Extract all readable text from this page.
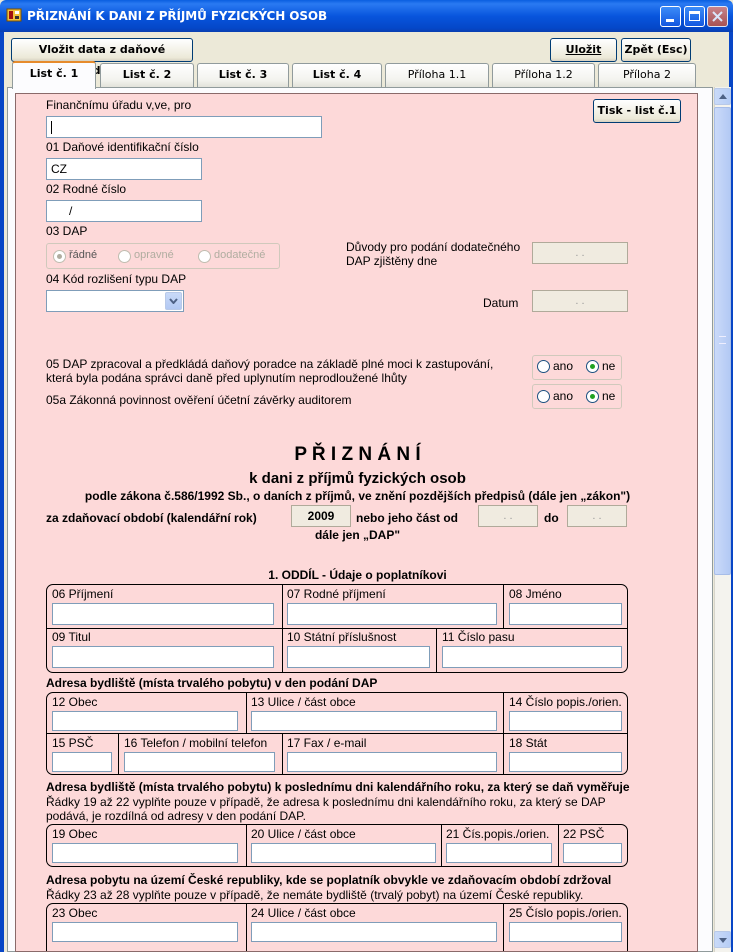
PŘIZNÁNÍ K DANI Z PŘÍJMŮ FYZICKÝCH OSOB
Vložit data z daňové	Uložit	Zpět (Esc)
List č. 1	List č. 2	List č. 3	List č. 4	Příloha 1.1	Příloha 1.2	Příloha 2
Tisk - list č.1
Finančnímu úřadu v,ve, pro
01 Daňové identifikační číslo
CZ
02 Rodné číslo
/
03 DAP
řádné	opravné	dodatečné
Důvody pro podání dodatečného
DAP zjištěny dne
. .
04 Kód rozlišení typu DAP
Datum	. .
05 DAP zpracoval a předkládá daňový poradce na základě plné moci k zastupování,
která byla podána správci daně před uplynutím neprodloužené lhůty
ano ne
05a Zákonná povinnost ověření účetní závěrky auditorem	ano ne
P Ř I Z N Á N Í
k dani z příjmů fyzických osob
podle zákona č.586/1992 Sb., o daních z příjmů, ve znění pozdějších předpisů (dále jen „zákon")
za zdaňovací období (kalendářní rok)	2009	nebo jeho část od	. .	do	. .
dále jen „DAP"
1. ODDÍL - Údaje o poplatníkovi
06 Příjmení	07 Rodné příjmení	08 Jméno
09 Titul	10 Státní příslušnost	11 Číslo pasu
Adresa bydliště (místa trvalého pobytu) v den podání DAP
12 Obec	13 Ulice / část obce	14 Číslo popis./orien.
15 PSČ	16 Telefon / mobilní telefon 17 Fax / e-mail	18 Stát
Adresa bydliště (místa trvalého pobytu) k poslednímu dni kalendářního roku, za který se daň vyměřuje
Řádky 19 až 22 vyplňte pouze v případě, že adresa k poslednímu dni kalendářního roku, za který se DAP
podává, je rozdílná od adresy v den podání DAP.
19 Obec	20 Ulice / část obce	21 Čís.popis./orien. 22 PSČ
Adresa pobytu na území České republiky, kde se poplatník obvykle ve zdaňovacím období zdržoval
Řádky 23 až 28 vyplňte pouze v případě, že nemáte bydliště (trvalý pobyt) na území České republiky.
23 Obec	24 Ulice / část obce	25 Číslo popis./orien.
